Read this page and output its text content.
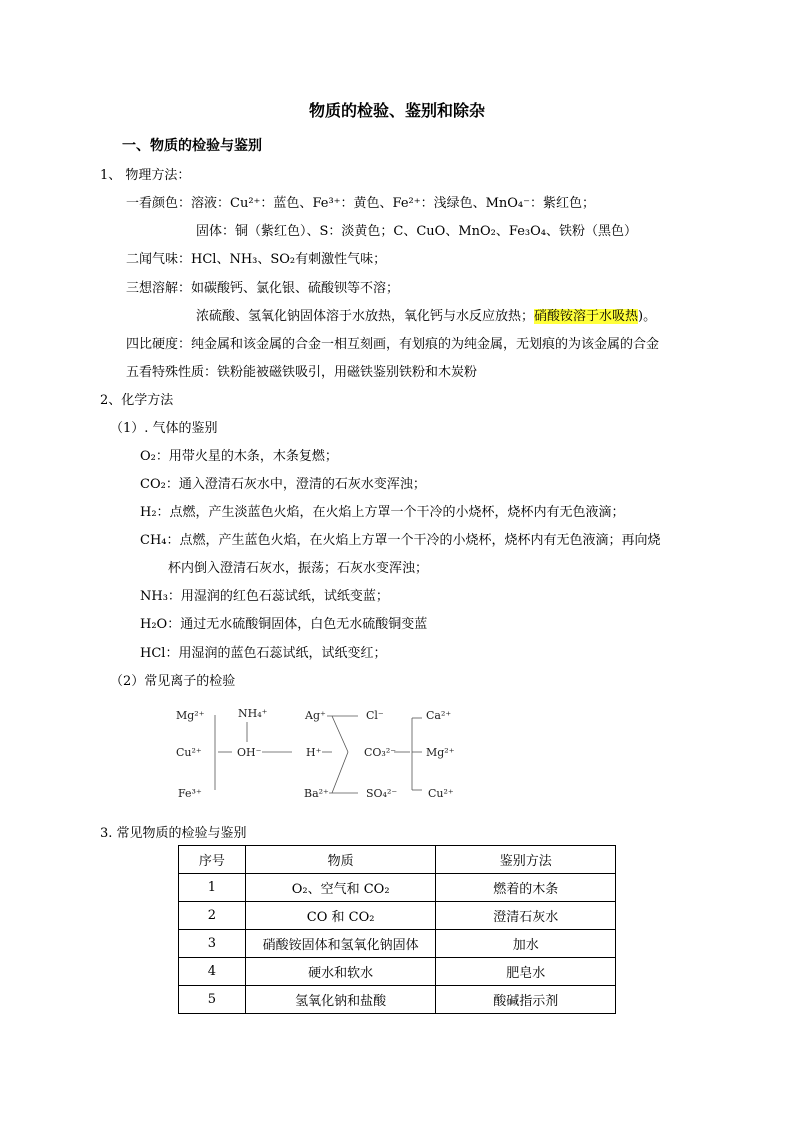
物质的检验、鉴别和除杂
一、物质的检验与鉴别
1、 物理方法：
一看颜色：溶液：Cu²⁺：蓝色、Fe³⁺：黄色、Fe²⁺：浅绿色、MnO₄⁻：紫红色；
固体：铜（紫红色）、S：淡黄色；C、CuO、MnO₂、Fe₃O₄、铁粉（黑色）
二闻气味：HCl、NH₃、SO₂有刺激性气味；
三想溶解：如碳酸钙、氯化银、硫酸钡等不溶；
浓硫酸、氢氧化钠固体溶于水放热，氧化钙与水反应放热；硝酸铵溶于水吸热)。
四比硬度：纯金属和该金属的合金一相互刻画，有划痕的为纯金属，无划痕的为该金属的合金
五看特殊性质：铁粉能被磁铁吸引，用磁铁鉴别铁粉和木炭粉
2、化学方法
（1）. 气体的鉴别
O₂：用带火星的木条，木条复燃；
CO₂：通入澄清石灰水中，澄清的石灰水变浑浊；
H₂：点燃，产生淡蓝色火焰，在火焰上方罩一个干冷的小烧杯，烧杯内有无色液滴；
CH₄：点燃，产生蓝色火焰，在火焰上方罩一个干冷的小烧杯，烧杯内有无色液滴；再向烧
杯内倒入澄清石灰水，振荡；石灰水变浑浊；
NH₃：用湿润的红色石蕊试纸，试纸变蓝；
H₂O：通过无水硫酸铜固体，白色无水硫酸铜变蓝
HCl：用湿润的蓝色石蕊试纸，试纸变红；
（2）常见离子的检验
Mg²⁺
Cu²⁺
Fe³⁺
NH₄⁺
OH⁻
Ag⁺
H⁺
Ba²⁺
Cl⁻
CO₃²⁻
SO₄²⁻
Ca²⁺
Mg²⁺
Cu²⁺
3. 常见物质的检验与鉴别
序号	物质	鉴别方法
1	O₂、空气和 CO₂	燃着的木条
2	CO 和 CO₂	澄清石灰水
3	硝酸铵固体和氢氧化钠固体	加水
4	硬水和软水	肥皂水
5	氢氧化钠和盐酸	酸碱指示剂
